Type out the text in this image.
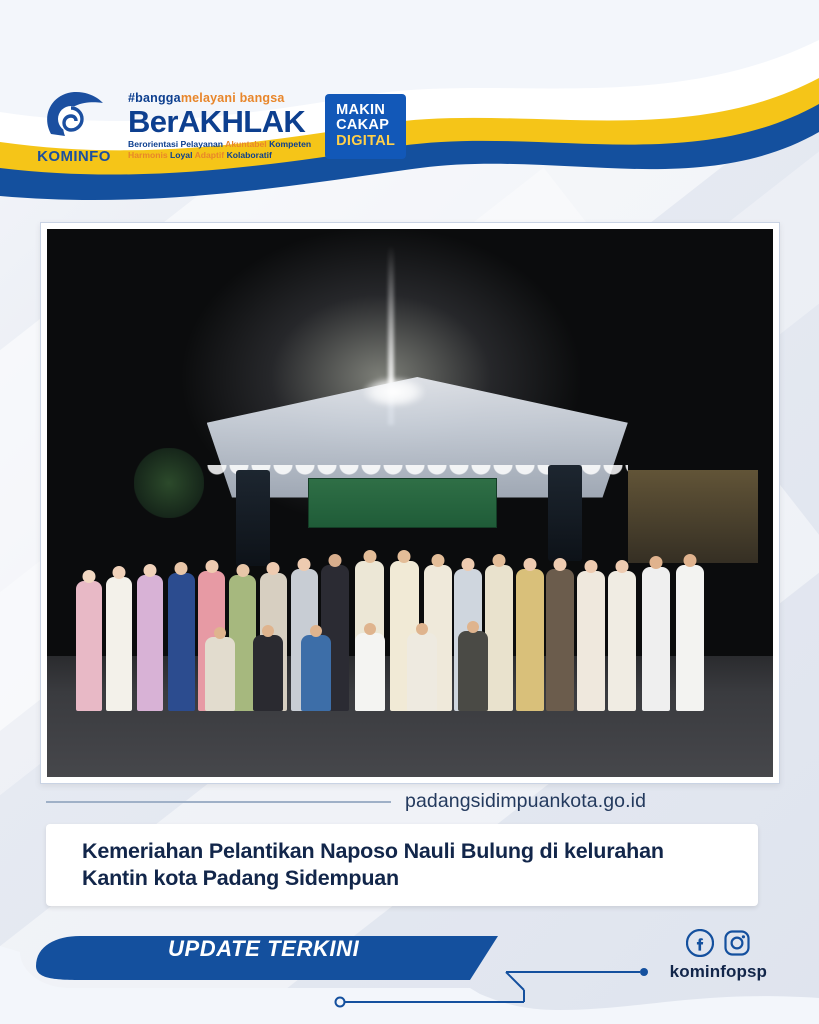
KOMINFO
#banggamelayani bangsa
BerAKHLAK
Berorientasi Pelayanan Akuntabel Kompeten
Harmonis Loyal Adaptif Kolaboratif
MAKIN
CAKAP
DIGITAL
padangsidimpuankota.go.id
Kemeriahan Pelantikan Naposo Nauli Bulung di kelurahan
Kantin kota Padang Sidempuan
UPDATE TERKINI
kominfopsp
